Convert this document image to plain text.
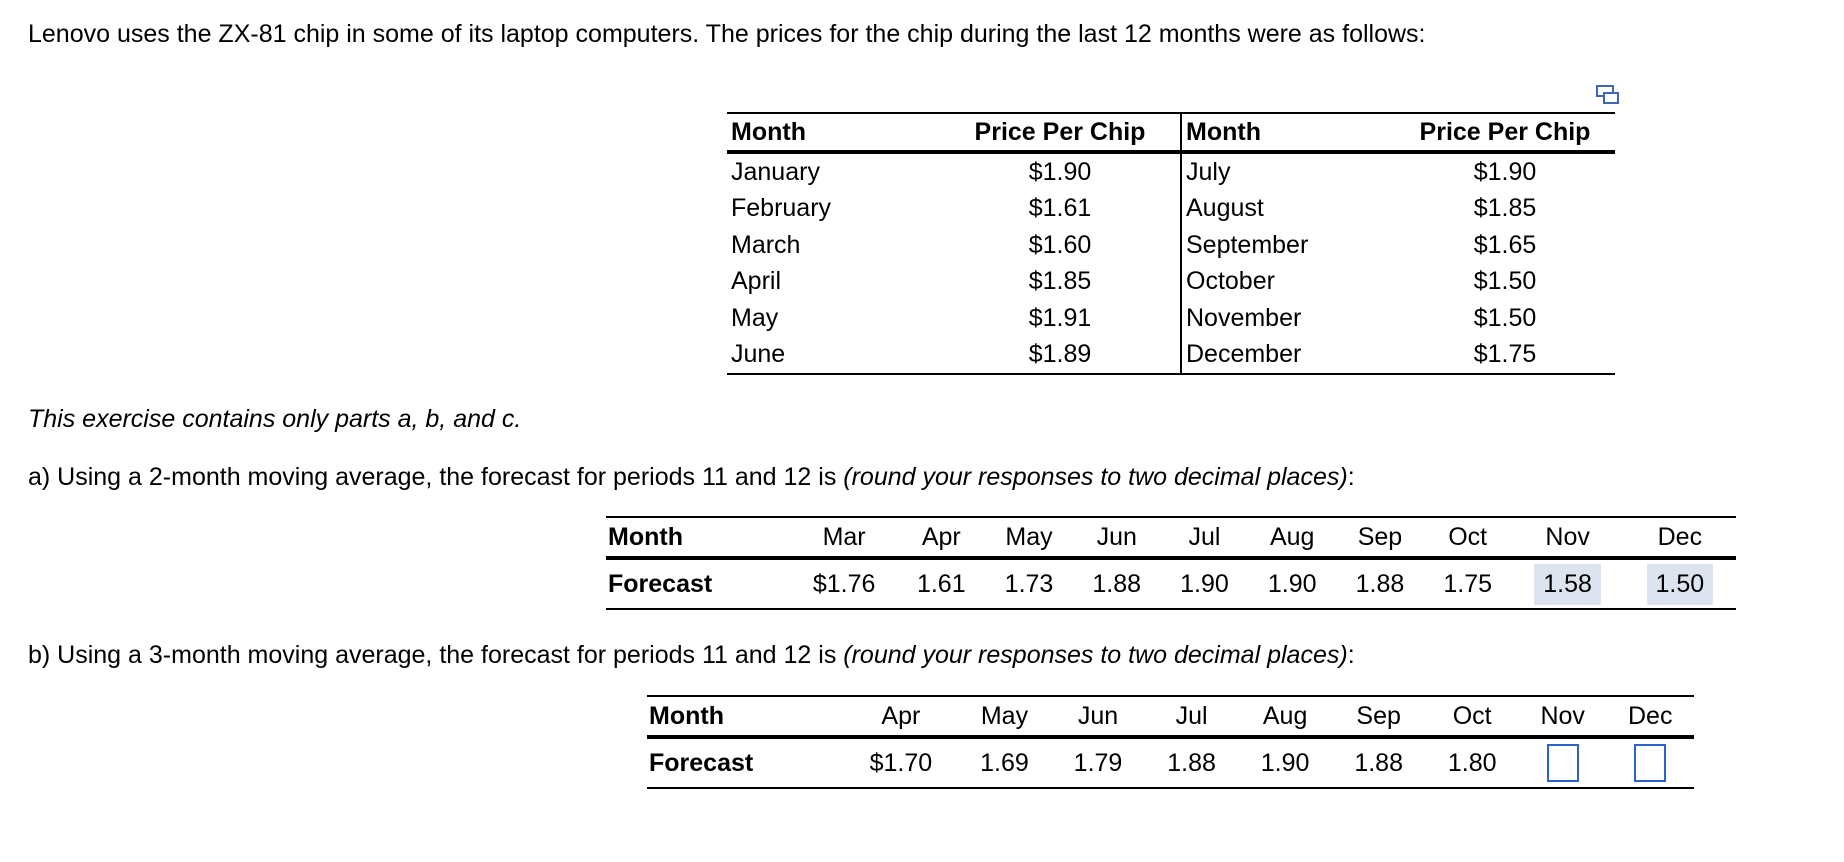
Lenovo uses the ZX-81 chip in some of its laptop computers. The prices for the chip during the last 12 months were as follows:
Month	Price Per Chip	Month	Price Per Chip
January	$1.90	July	$1.90
February	$1.61	August	$1.85
March	$1.60	September	$1.65
April	$1.85	October	$1.50
May	$1.91	November	$1.50
June	$1.89	December	$1.75
This exercise contains only parts a, b, and c.
a) Using a 2-month moving average, the forecast for periods 11 and 12 is (round your responses to two decimal places):
Month	Mar	Apr	May	Jun	Jul	Aug	Sep	Oct	Nov	Dec
Forecast	$1.76	1.61	1.73	1.88	1.90	1.90	1.88	1.75	1.58	1.50
b) Using a 3-month moving average, the forecast for periods 11 and 12 is (round your responses to two decimal places):
Month	Apr	May	Jun	Jul	Aug	Sep	Oct	Nov	Dec
Forecast	$1.70	1.69	1.79	1.88	1.90	1.88	1.80		
